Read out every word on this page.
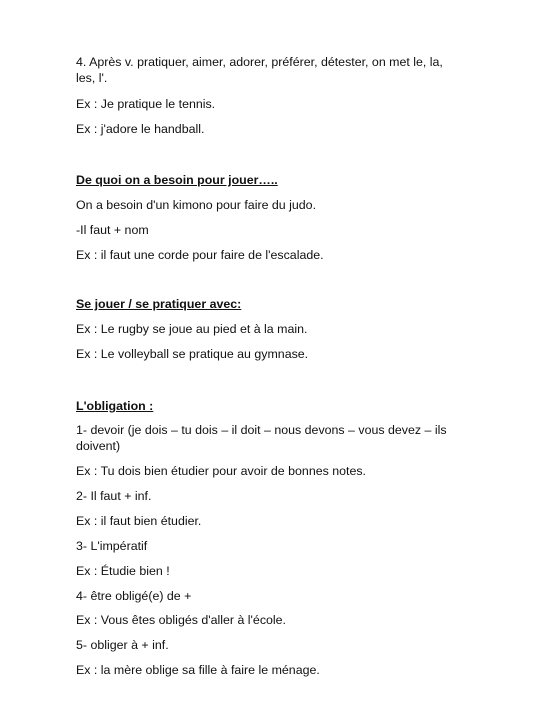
4. Après v. pratiquer, aimer, adorer, préférer, détester, on met le, la, les, l'.
Ex : Je pratique le tennis.
Ex : j'adore le handball.
De quoi on a besoin pour jouer…..
On a besoin d'un kimono pour faire du judo.
-Il faut + nom
Ex : il faut une corde pour faire de l'escalade.
Se jouer / se pratiquer avec:
Ex : Le rugby se joue au pied et à la main.
Ex : Le volleyball se pratique au gymnase.
L'obligation :
1- devoir (je dois – tu dois – il doit – nous devons – vous devez – ils doivent)
Ex : Tu dois bien étudier pour avoir de bonnes notes.
2- Il faut + inf.
Ex : il faut bien étudier.
3- L'impératif
Ex : Étudie bien !
4- être obligé(e) de +
Ex : Vous êtes obligés d'aller à l'école.
5- obliger à + inf.
Ex : la mère oblige sa fille à faire le ménage.
